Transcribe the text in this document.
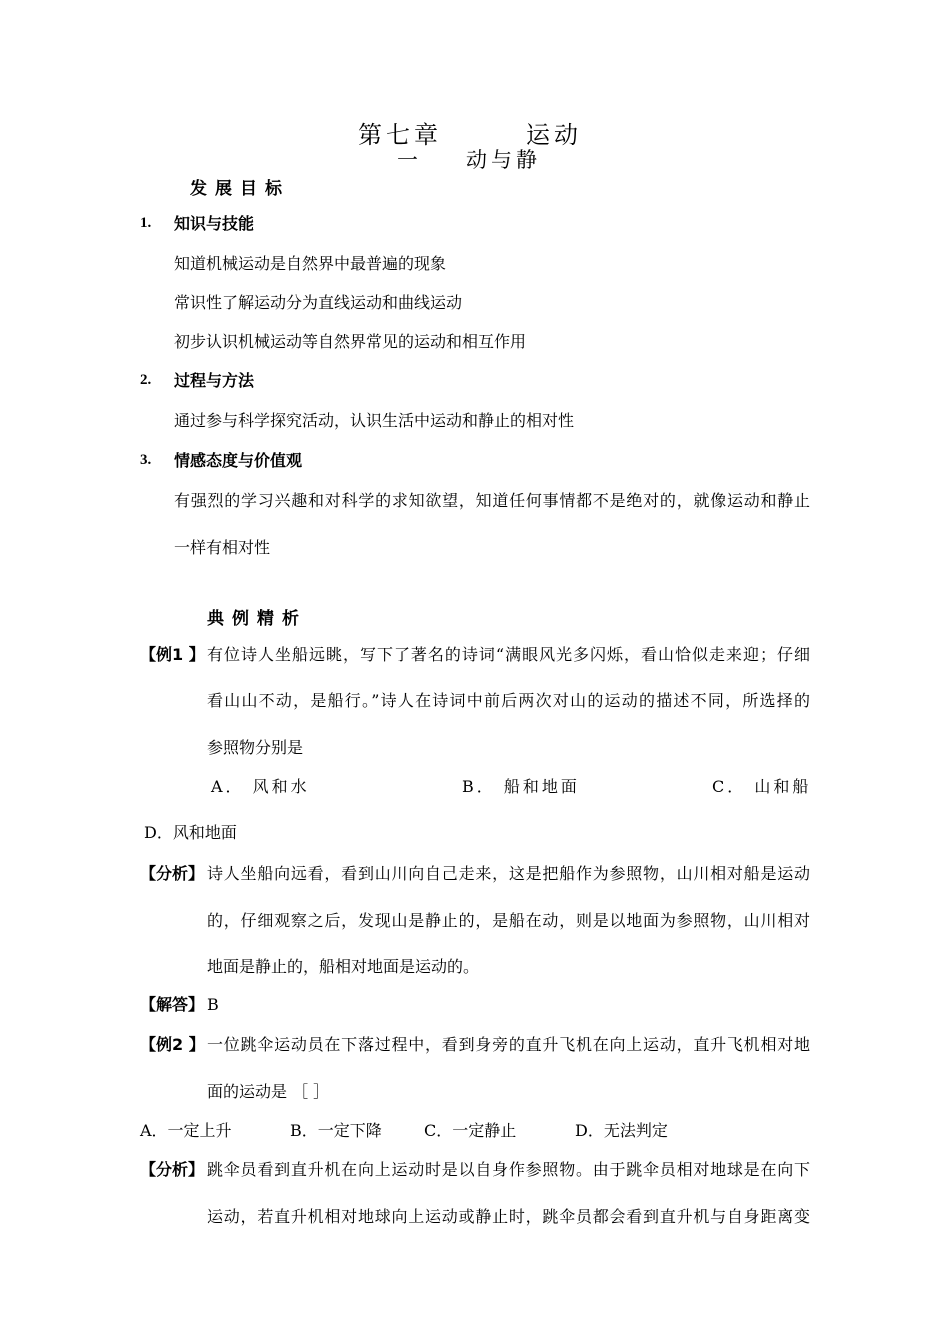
第七章	运动
一 动与静
发展目标
1. 知识与技能
知道机械运动是自然界中最普遍的现象
常识性了解运动分为直线运动和曲线运动
初步认识机械运动等自然界常见的运动和相互作用
2. 过程与方法
通过参与科学探究活动，认识生活中运动和静止的相对性
3. 情感态度与价值观
有强烈的学习兴趣和对科学的求知欲望，知道任何事情都不是绝对的，就像运动和静止
一样有相对性
典例精析
【例1 】 有位诗人坐船远眺，写下了著名的诗词“满眼风光多闪烁，看山恰似走来迎；仔细
看山山不动，是船行。”诗人在诗词中前后两次对山的运动的描述不同，所选择的
参照物分别是
A． 风和水	B． 船和地面	C． 山和船
D．风和地面
【分析】 诗人坐船向远看，看到山川向自己走来，这是把船作为参照物，山川相对船是运动
的，仔细观察之后，发现山是静止的，是船在动，则是以地面为参照物，山川相对
地面是静止的，船相对地面是运动的。
【解答】 B
【例2 】 一位跳伞运动员在下落过程中，看到身旁的直升飞机在向上运动，直升飞机相对地
面的运动是 ［ ］
A．一定上升	B．一定下降	C．一定静止	D．无法判定
【分析】 跳伞员看到直升机在向上运动时是以自身作参照物。由于跳伞员相对地球是在向下
运动，若直升机相对地球向上运动或静止时，跳伞员都会看到直升机与自身距离变
